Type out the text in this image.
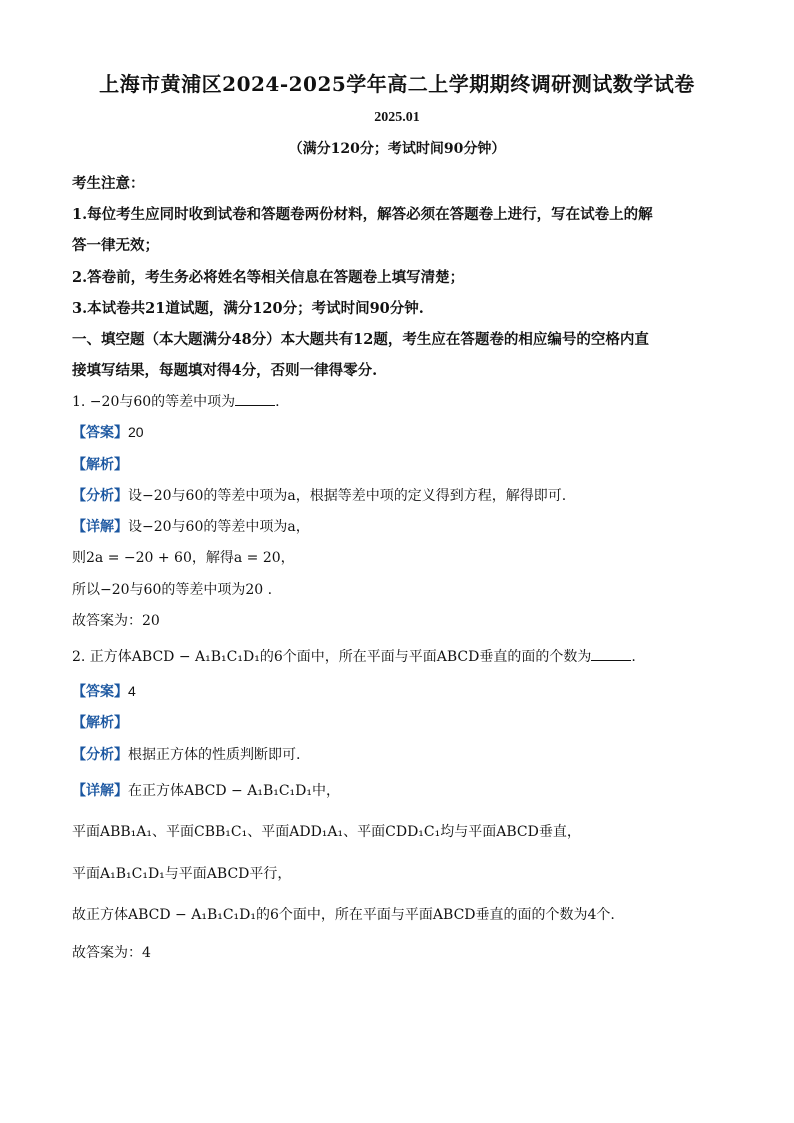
上海市黄浦区2024-2025学年高二上学期期终调研测试数学试卷
2025.01
（满分120分；考试时间90分钟）
考生注意：
1.每位考生应同时收到试卷和答题卷两份材料，解答必须在答题卷上进行，写在试卷上的解
答一律无效；
2.答卷前，考生务必将姓名等相关信息在答题卷上填写清楚；
3.本试卷共21道试题，满分120分；考试时间90分钟.
一、填空题（本大题满分48分）本大题共有12题，考生应在答题卷的相应编号的空格内直
接填写结果，每题填对得4分，否则一律得零分.
1. −20与60的等差中项为	.
【答案】20
【解析】
【分析】设−20与60的等差中项为a，根据等差中项的定义得到方程，解得即可.
【详解】设−20与60的等差中项为a，
则2a = −20 + 60，解得a = 20，
所以−20与60的等差中项为20 .
故答案为：20
2. 正方体ABCD − A₁B₁C₁D₁的6个面中，所在平面与平面ABCD垂直的面的个数为	.
【答案】4
【解析】
【分析】根据正方体的性质判断即可.
【详解】在正方体ABCD − A₁B₁C₁D₁中，
平面ABB₁A₁、平面CBB₁C₁、平面ADD₁A₁、平面CDD₁C₁均与平面ABCD垂直，
平面A₁B₁C₁D₁与平面ABCD平行，
故正方体ABCD − A₁B₁C₁D₁的6个面中，所在平面与平面ABCD垂直的面的个数为4个.
故答案为：4
